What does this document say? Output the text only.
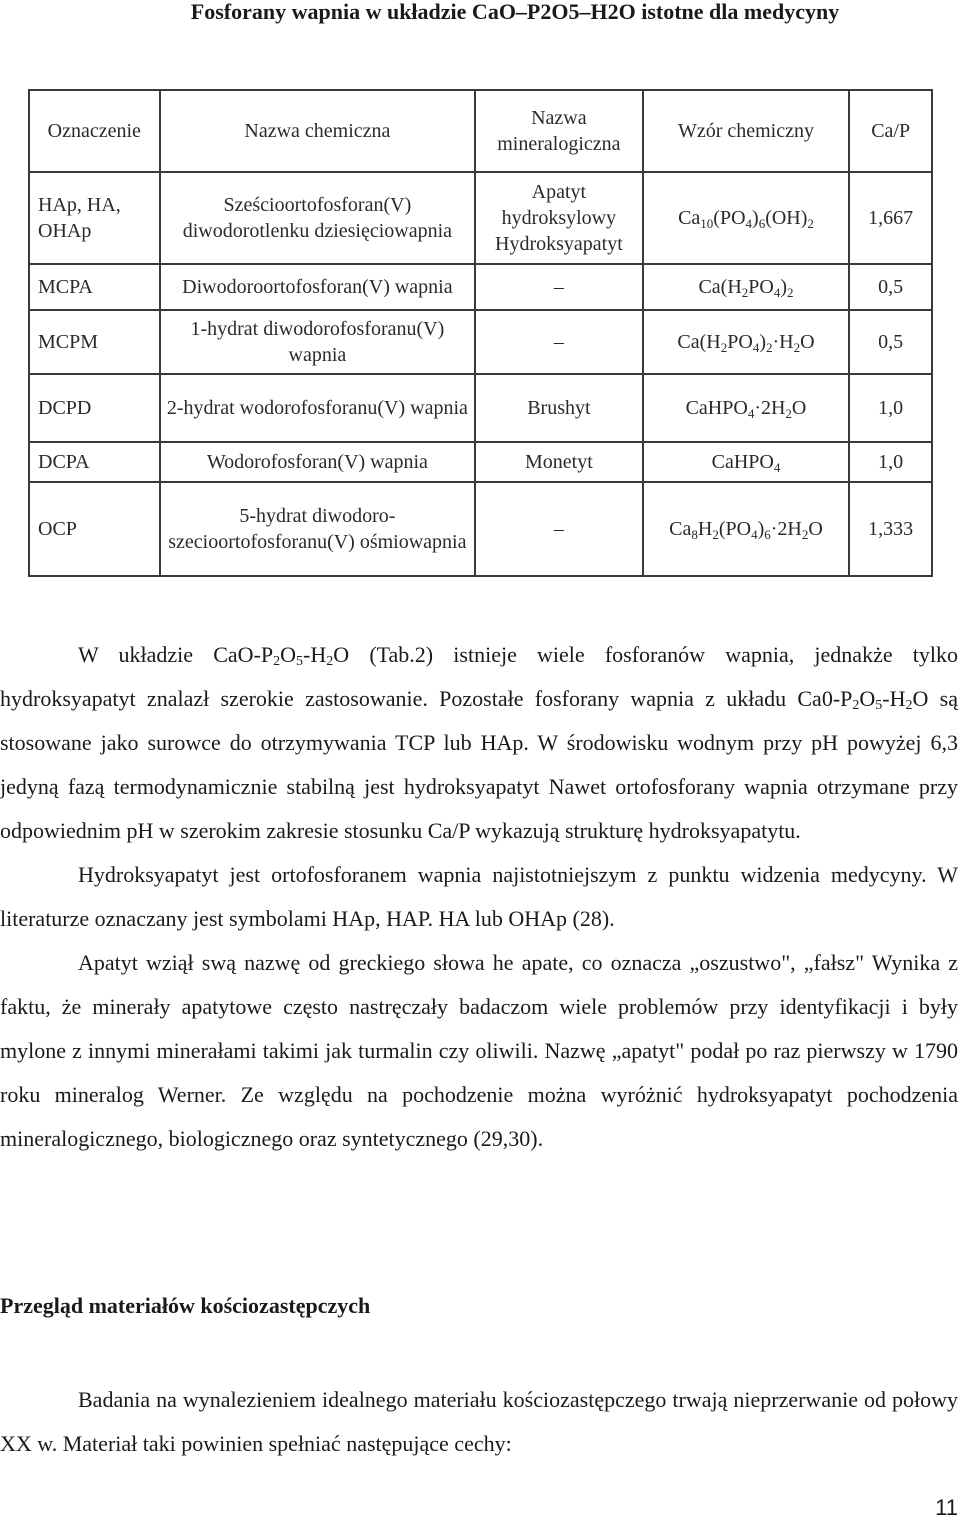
Fosforany wapnia w układzie CaO–P2O5–H2O istotne dla medycyny
Oznaczenie	Nazwa chemiczna	Nazwa mineralogiczna	Wzór chemiczny	Ca/P
HAp, HA, OHAp	Sześcioortofosforan(V) diwodorotlenku dziesięciowapnia	Apatyt hydroksylowy Hydroksyapatyt	$Ca_{10}(PO_4)_6(OH)_2$	1,667
MCPA	Diwodoroortofosforan(V) wapnia	–	$Ca(H_2PO_4)_2$	0,5
MCPM	1-hydrat diwodorofosforanu(V) wapnia	–	$Ca(H_2PO_4)_2\cdot H_2O$	0,5
DCPD	2-hydrat wodorofosforanu(V) wapnia	Brushyt	$CaHPO_4\cdot 2H_2O$	1,0
DCPA	Wodorofosforan(V) wapnia	Monetyt	CaHPO$_4$	1,0
OCP	5-hydrat diwodoro-szecioortofosforanu(V) ośmiowapnia	–	$Ca_8H_2(PO_4)_6\cdot 2H_2O$	1,333

W układzie CaO-$P_2O_5-H_2O$ (Tab.2) istnieje wiele fosforanów wapnia, jednakże tylko hydroksyapatyt znalazł szerokie zastosowanie. Pozostałe fosforany wapnia z układu $Ca0-P_2O_5-H_2O$ są stosowane jako surowce do otrzymywania TCP lub HAp. W środowisku wodnym przy pH powyżej 6,3 jedyną fazą termodynamicznie stabilną jest hydroksyapatyt Nawet ortofosforany wapnia otrzymane przy odpowiednim pH w szerokim zakresie stosunku Ca/P wykazują strukturę hydroksyapatytu.

Hydroksyapatyt jest ortofosforanem wapnia najistotniejszym z punktu widzenia medycyny. W literaturze oznaczany jest symbolami HAp, HAP. HA lub OHAp (28).

Apatyt wziął swą nazwę od greckiego słowa he apate, co oznacza „oszustwo", „fałsz" Wynika z faktu, że minerały apatytowe często nastręczały badaczom wiele problemów przy identyfikacji i były mylone z innymi minerałami takimi jak turmalin czy oliwili. Nazwę „apatyt" podał po raz pierwszy w 1790 roku mineralog Werner. Ze względu na pochodzenie można wyróżnić hydroksyapatyt pochodzenia mineralogicznego, biologicznego oraz syntetycznego (29,30).

Przegląd materiałów kościozastępczych

Badania na wynalezieniem idealnego materiału kościozastępczego trwają nieprzerwanie od połowy XX w. Materiał taki powinien spełniać następujące cechy:

11
